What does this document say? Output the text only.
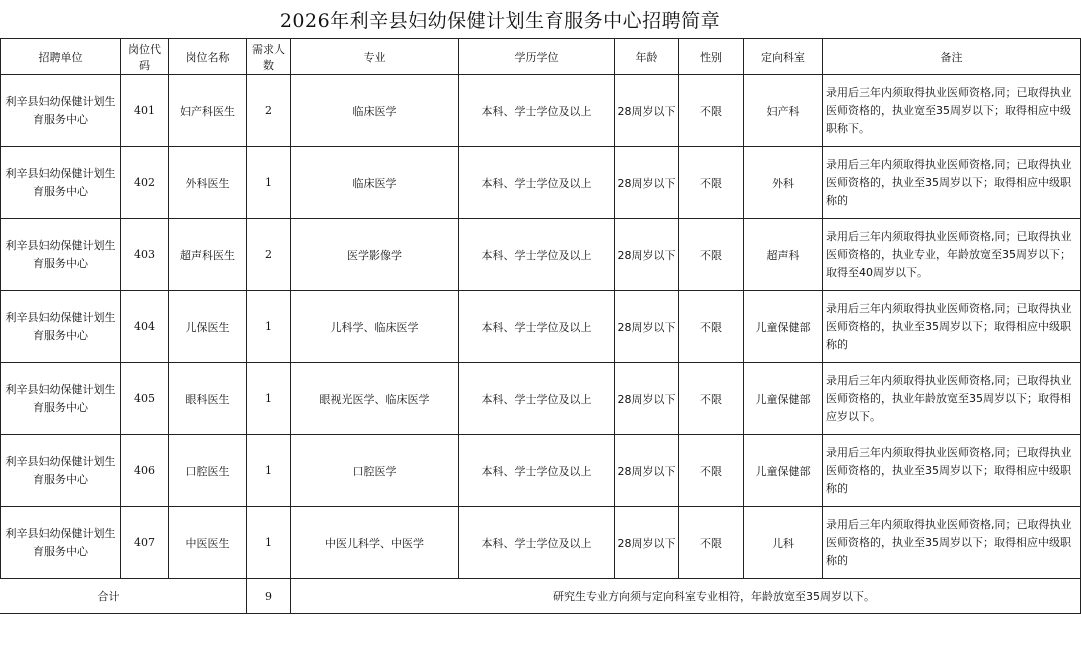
2026年利辛县妇幼保健计划生育服务中心招聘简章
	招聘单位	岗位代码	岗位名称	需求人数	专业	学历学位	年龄	性别	定向科室	备注
	利辛县妇幼保健计划生育服务中心	401	妇产科医生	2	临床医学	本科、学士学位及以上	28周岁以下	不限	妇产科	录用后三年内须取得执业医师资格,同；已取得执业医师资格的，执业宽至35周岁以下；取得相应中级职称下。
	利辛县妇幼保健计划生育服务中心	402	外科医生	1	临床医学	本科、学士学位及以上	28周岁以下	不限	外科	录用后三年内须取得执业医师资格,同；已取得执业医师资格的，执业至35周岁以下；取得相应中级职称的
	利辛县妇幼保健计划生育服务中心	403	超声科医生	2	医学影像学	本科、学士学位及以上	28周岁以下	不限	超声科	录用后三年内须取得执业医师资格,同；已取得执业医师资格的，执业专业，年龄放宽至35周岁以下；取得至40周岁以下。
	利辛县妇幼保健计划生育服务中心	404	儿保医生	1	儿科学、临床医学	本科、学士学位及以上	28周岁以下	不限	儿童保健部	录用后三年内须取得执业医师资格,同；已取得执业医师资格的，执业至35周岁以下；取得相应中级职称的
	利辛县妇幼保健计划生育服务中心	405	眼科医生	1	眼视光医学、临床医学	本科、学士学位及以上	28周岁以下	不限	儿童保健部	录用后三年内须取得执业医师资格,同；已取得执业医师资格的，执业年龄放宽至35周岁以下；取得相应岁以下。
	利辛县妇幼保健计划生育服务中心	406	口腔医生	1	口腔医学	本科、学士学位及以上	28周岁以下	不限	儿童保健部	录用后三年内须取得执业医师资格,同；已取得执业医师资格的，执业至35周岁以下；取得相应中级职称的
	利辛县妇幼保健计划生育服务中心	407	中医医生	1	中医儿科学、中医学	本科、学士学位及以上	28周岁以下	不限	儿科	录用后三年内须取得执业医师资格,同；已取得执业医师资格的，执业至35周岁以下；取得相应中级职称的
合计				9	研究生专业方向须与定向科室专业相符，年龄放宽至35周岁以下。					
